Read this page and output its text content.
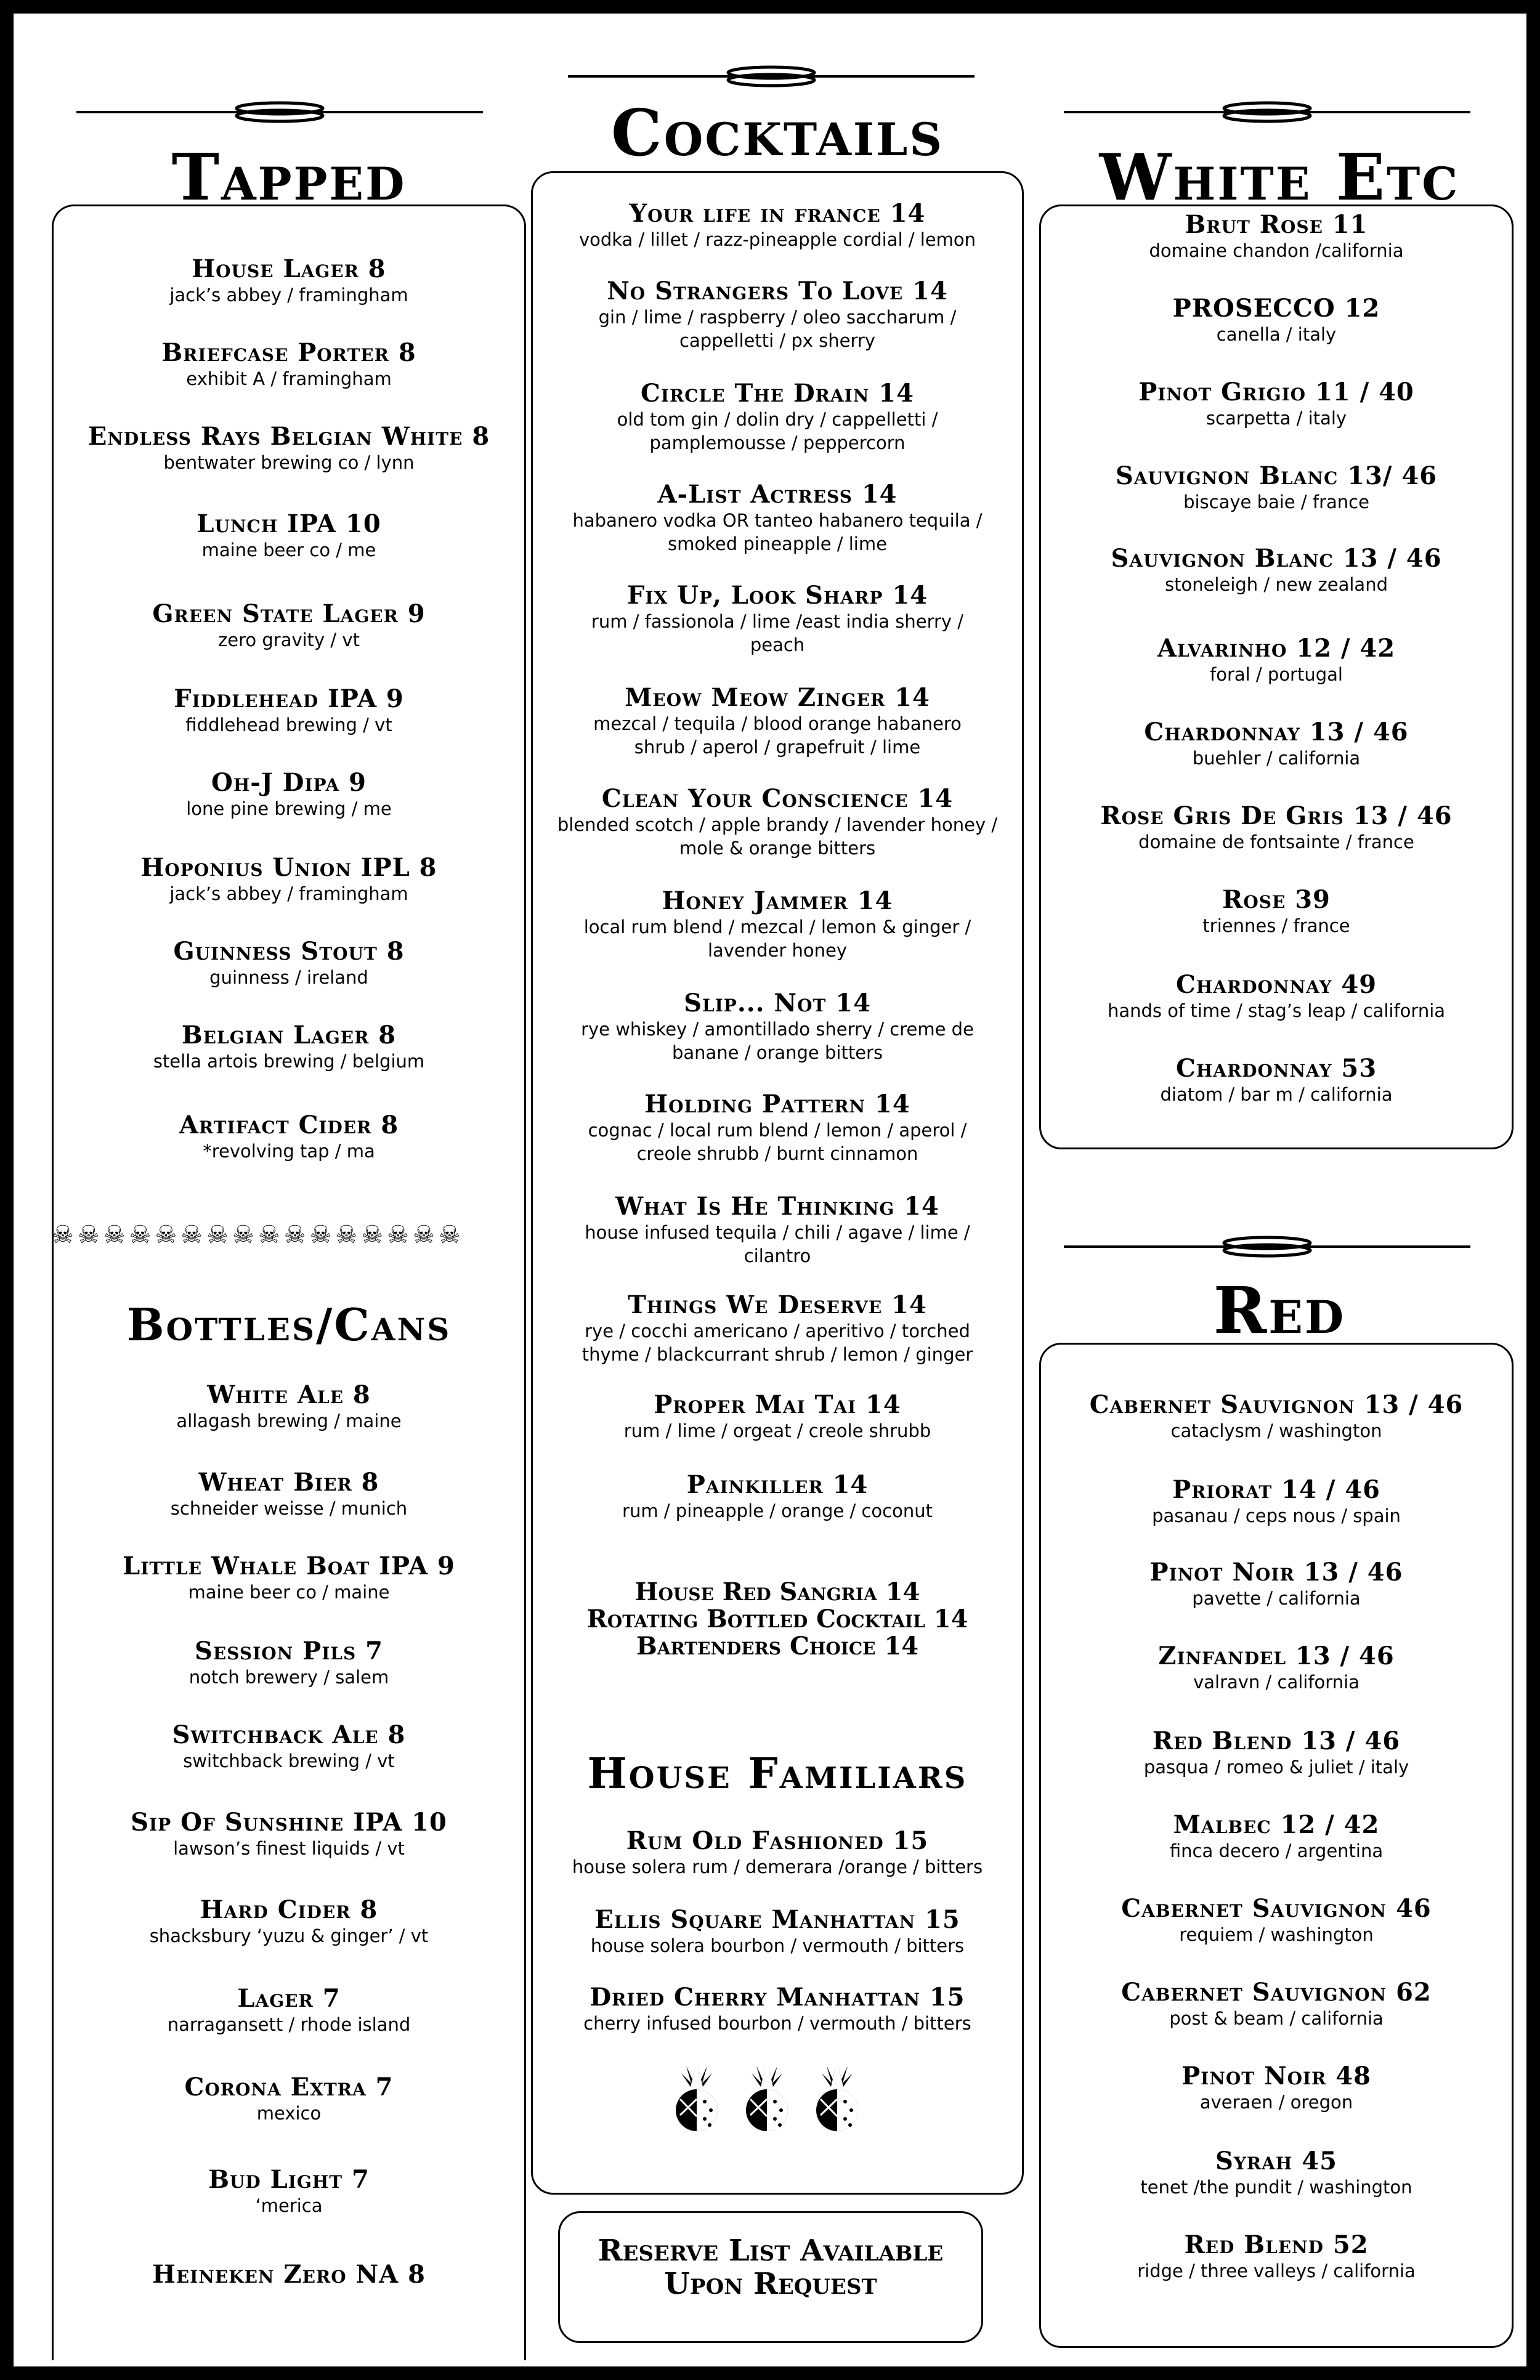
Tapped
House Lager 8
jack’s abbey / framingham
Briefcase Porter 8
exhibit A / framingham
Endless Rays Belgian White 8
bentwater brewing co / lynn
Lunch IPA 10
maine beer co / me
Green State Lager 9
zero gravity / vt
Fiddlehead IPA 9
fiddlehead brewing / vt
Oh-J Dipa 9
lone pine brewing / me
Hoponius Union IPL 8
jack’s abbey / framingham
Guinness Stout 8
guinness / ireland
Belgian Lager 8
stella artois brewing / belgium
Artifact Cider 8
*revolving tap / ma
☠☠☠☠☠☠☠☠☠☠☠☠☠☠☠☠
Bottles/Cans
White Ale 8
allagash brewing / maine
Wheat Bier 8
schneider weisse / munich
Little Whale Boat IPA 9
maine beer co / maine
Session Pils 7
notch brewery / salem
Switchback Ale 8
switchback brewing / vt
Sip Of Sunshine IPA 10
lawson’s finest liquids / vt
Hard Cider 8
shacksbury ‘yuzu & ginger’ / vt
Lager 7
narragansett / rhode island
Corona Extra 7
mexico
Bud Light 7
‘merica
Heineken Zero NA 8
Cocktails
Your life in france 14
vodka / lillet / razz-pineapple cordial / lemon
No Strangers To Love 14
gin / lime / raspberry / oleo saccharum /
cappelletti / px sherry
Circle The Drain 14
old tom gin / dolin dry / cappelletti /
pamplemousse / peppercorn
A-List Actress 14
habanero vodka OR tanteo habanero tequila /
smoked pineapple / lime
Fix Up, Look Sharp 14
rum / fassionola / lime /east india sherry /
peach
Meow Meow Zinger 14
mezcal / tequila / blood orange habanero
shrub / aperol / grapefruit / lime
Clean Your Conscience 14
blended scotch / apple brandy / lavender honey /
mole & orange bitters
Honey Jammer 14
local rum blend / mezcal / lemon & ginger /
lavender honey
Slip... Not 14
rye whiskey / amontillado sherry / creme de
banane / orange bitters
Holding Pattern 14
cognac / local rum blend / lemon / aperol /
creole shrubb / burnt cinnamon
What Is He Thinking 14
house infused tequila / chili / agave / lime /
cilantro
Things We Deserve 14
rye / cocchi americano / aperitivo / torched
thyme / blackcurrant shrub / lemon / ginger
Proper Mai Tai 14
rum / lime / orgeat / creole shrubb
Painkiller 14
rum / pineapple / orange / coconut
House Red Sangria 14
Rotating Bottled Cocktail 14
Bartenders Choice 14
House Familiars
Rum Old Fashioned 15
house solera rum / demerara /orange / bitters
Ellis Square Manhattan 15
house solera bourbon / vermouth / bitters
Dried Cherry Manhattan 15
cherry infused bourbon / vermouth / bitters
Reserve List Available
Upon Request
White Etc
Brut Rose 11
domaine chandon /california
PROSECCO 12
canella / italy
Pinot Grigio 11 / 40
scarpetta / italy
Sauvignon Blanc 13/ 46
biscaye baie / france
Sauvignon Blanc 13 / 46
stoneleigh / new zealand
Alvarinho 12 / 42
foral / portugal
Chardonnay 13 / 46
buehler / california
Rose Gris De Gris 13 / 46
domaine de fontsainte / france
Rose 39
triennes / france
Chardonnay 49
hands of time / stag’s leap / california
Chardonnay 53
diatom / bar m / california
Red
Cabernet Sauvignon 13 / 46
cataclysm / washington
Priorat 14 / 46
pasanau / ceps nous / spain
Pinot Noir 13 / 46
pavette / california
Zinfandel 13 / 46
valravn / california
Red Blend 13 / 46
pasqua / romeo & juliet / italy
Malbec 12 / 42
finca decero / argentina
Cabernet Sauvignon 46
requiem / washington
Cabernet Sauvignon 62
post & beam / california
Pinot Noir 48
averaen / oregon
Syrah 45
tenet /the pundit / washington
Red Blend 52
ridge / three valleys / california
